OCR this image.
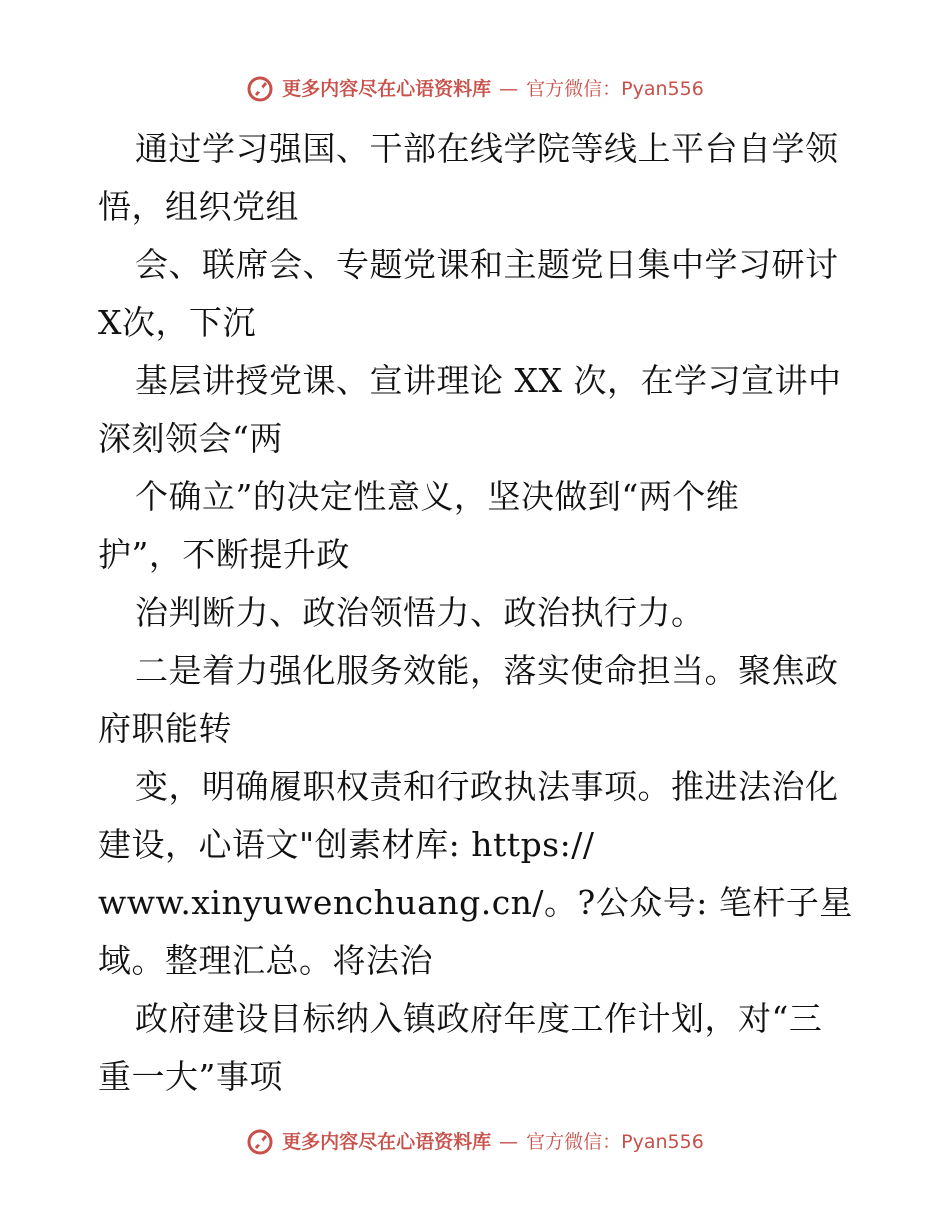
更多内容尽在心语资料库 — 官方微信：Pyan556
通过学习强国、干部在线学院等线上平台自学领
悟，组织党组
会、联席会、专题党课和主题党日集中学习研讨
X次，下沉
基层讲授党课、宣讲理论 XX 次，在学习宣讲中
深刻领会“两
个确立”的决定性意义，坚决做到“两个维
护”，不断提升政
治判断力、政治领悟力、政治执行力。
二是着力强化服务效能，落实使命担当。聚焦政
府职能转
变，明确履职权责和行政执法事项。推进法治化
建设，心语文"创素材库: https://
www.xinyuwenchuang.cn/。?公众号: 笔杆子星
域。整理汇总。将法治
政府建设目标纳入镇政府年度工作计划，对“三
重一大”事项
更多内容尽在心语资料库 — 官方微信：Pyan556
